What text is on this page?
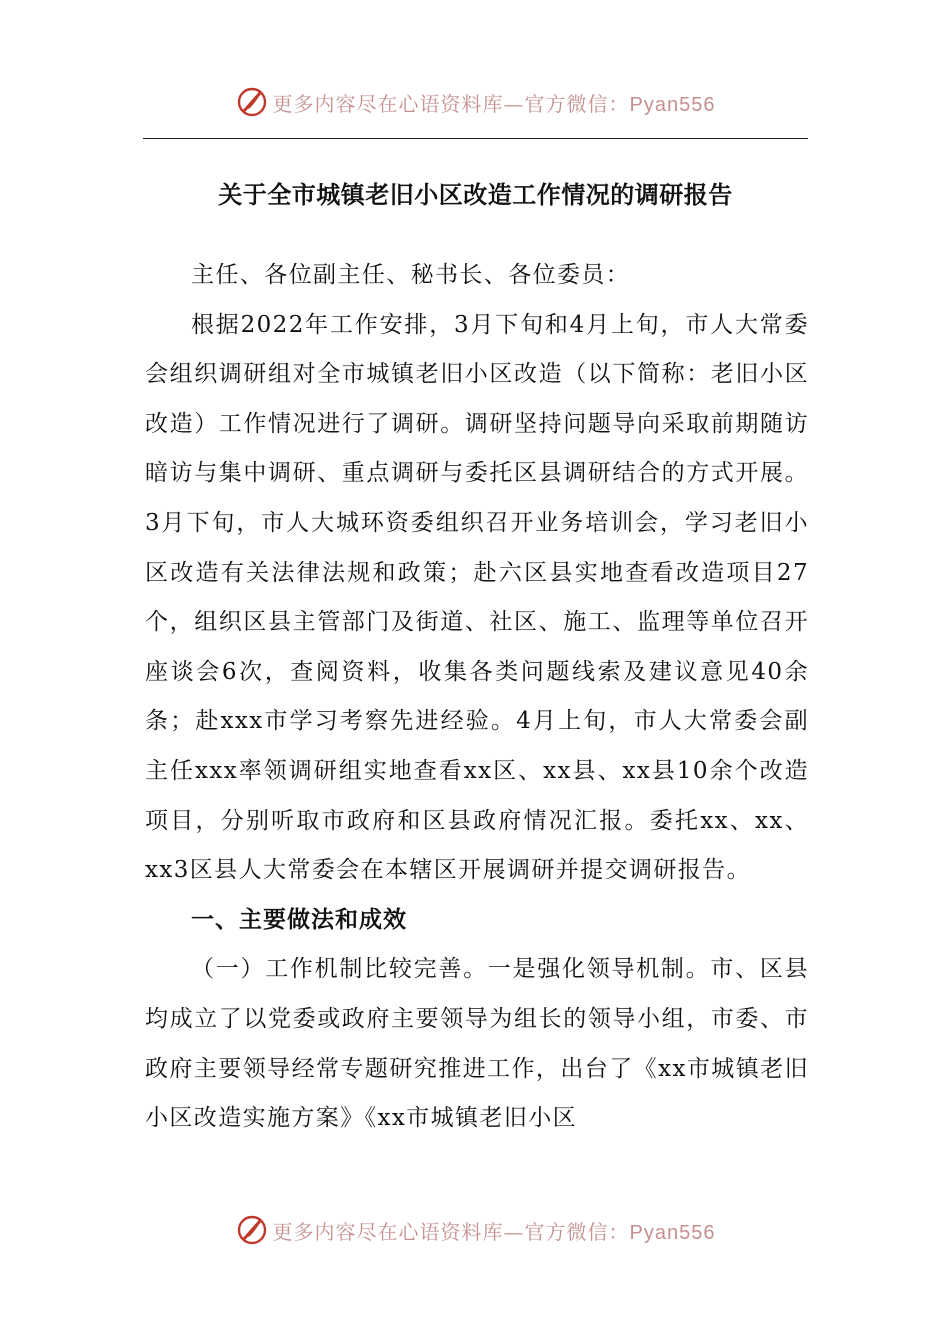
更多内容尽在心语资料库—官方微信：Pyan556
关于全市城镇老旧小区改造工作情况的调研报告

主任、各位副主任、秘书长、各位委员：

根据2022年工作安排，3月下旬和4月上旬，市人大常委会组织调研组对全市城镇老旧小区改造（以下简称：老旧小区改造）工作情况进行了调研。调研坚持问题导向采取前期随访暗访与集中调研、重点调研与委托区县调研结合的方式开展。3月下旬，市人大城环资委组织召开业务培训会，学习老旧小区改造有关法律法规和政策；赴六区县实地查看改造项目27个，组织区县主管部门及街道、社区、施工、监理等单位召开座谈会6次，查阅资料，收集各类问题线索及建议意见40余条；赴xxx市学习考察先进经验。4月上旬，市人大常委会副主任xxx率领调研组实地查看xx区、xx县、xx县10余个改造项目，分别听取市政府和区县政府情况汇报。委托xx、xx、xx3区县人大常委会在本辖区开展调研并提交调研报告。

一、主要做法和成效

（一）工作机制比较完善。一是强化领导机制。市、区县均成立了以党委或政府主要领导为组长的领导小组，市委、市政府主要领导经常专题研究推进工作，出台了《xx市城镇老旧小区改造实施方案》《xx市城镇老旧小区

更多内容尽在心语资料库—官方微信：Pyan556
